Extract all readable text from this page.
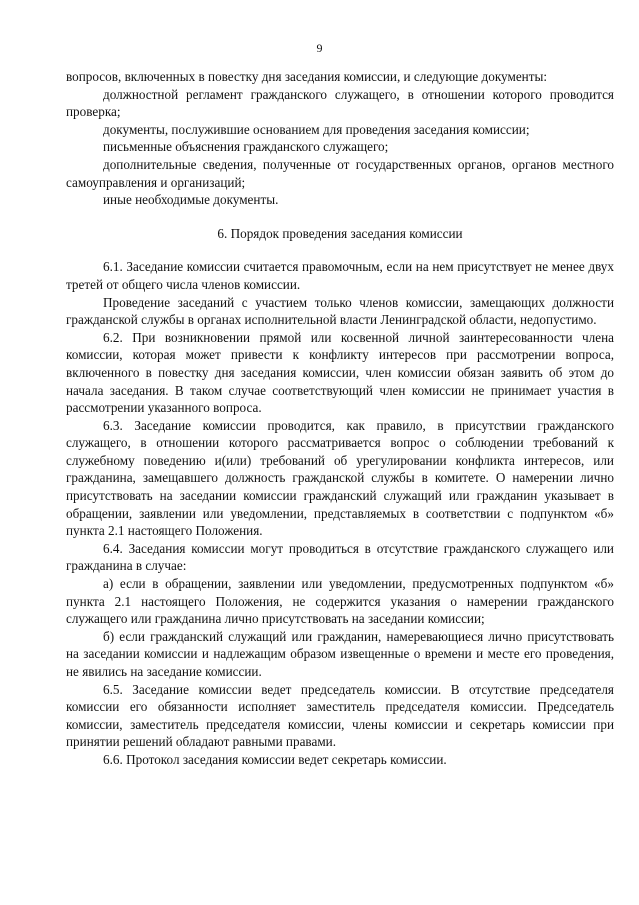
9

вопросов, включенных в повестку дня заседания комиссии, и следующие документы:

должностной регламент гражданского служащего, в отношении которого проводится проверка;

документы, послужившие основанием для проведения заседания комиссии;

письменные объяснения гражданского служащего;

дополнительные сведения, полученные от государственных органов, органов местного самоуправления и организаций;

иные необходимые документы.

6. Порядок проведения заседания комиссии

6.1. Заседание комиссии считается правомочным, если на нем присутствует не менее двух третей от общего числа членов комиссии.

Проведение заседаний с участием только членов комиссии, замещающих должности гражданской службы в органах исполнительной власти Ленинградской области, недопустимо.

6.2. При возникновении прямой или косвенной личной заинтересованности члена комиссии, которая может привести к конфликту интересов при рассмотрении вопроса, включенного в повестку дня заседания комиссии, член комиссии обязан заявить об этом до начала заседания. В таком случае соответствующий член комиссии не принимает участия в рассмотрении указанного вопроса.

6.3. Заседание комиссии проводится, как правило, в присутствии гражданского служащего, в отношении которого рассматривается вопрос о соблюдении требований к служебному поведению и(или) требований об урегулировании конфликта интересов, или гражданина, замещавшего должность гражданской службы в комитете. О намерении лично присутствовать на заседании комиссии гражданский служащий или гражданин указывает в обращении, заявлении или уведомлении, представляемых в соответствии с подпунктом «б» пункта 2.1 настоящего Положения.

6.4. Заседания комиссии могут проводиться в отсутствие гражданского служащего или гражданина в случае:

а) если в обращении, заявлении или уведомлении, предусмотренных подпунктом «б» пункта 2.1 настоящего Положения, не содержится указания о намерении гражданского служащего или гражданина лично присутствовать на заседании комиссии;

б) если гражданский служащий или гражданин, намеревающиеся лично присутствовать на заседании комиссии и надлежащим образом извещенные о времени и месте его проведения, не явились на заседание комиссии.

6.5. Заседание комиссии ведет председатель комиссии. В отсутствие председателя комиссии его обязанности исполняет заместитель председателя комиссии. Председатель комиссии, заместитель председателя комиссии, члены комиссии и секретарь комиссии при принятии решений обладают равными правами.

6.6. Протокол заседания комиссии ведет секретарь комиссии.
